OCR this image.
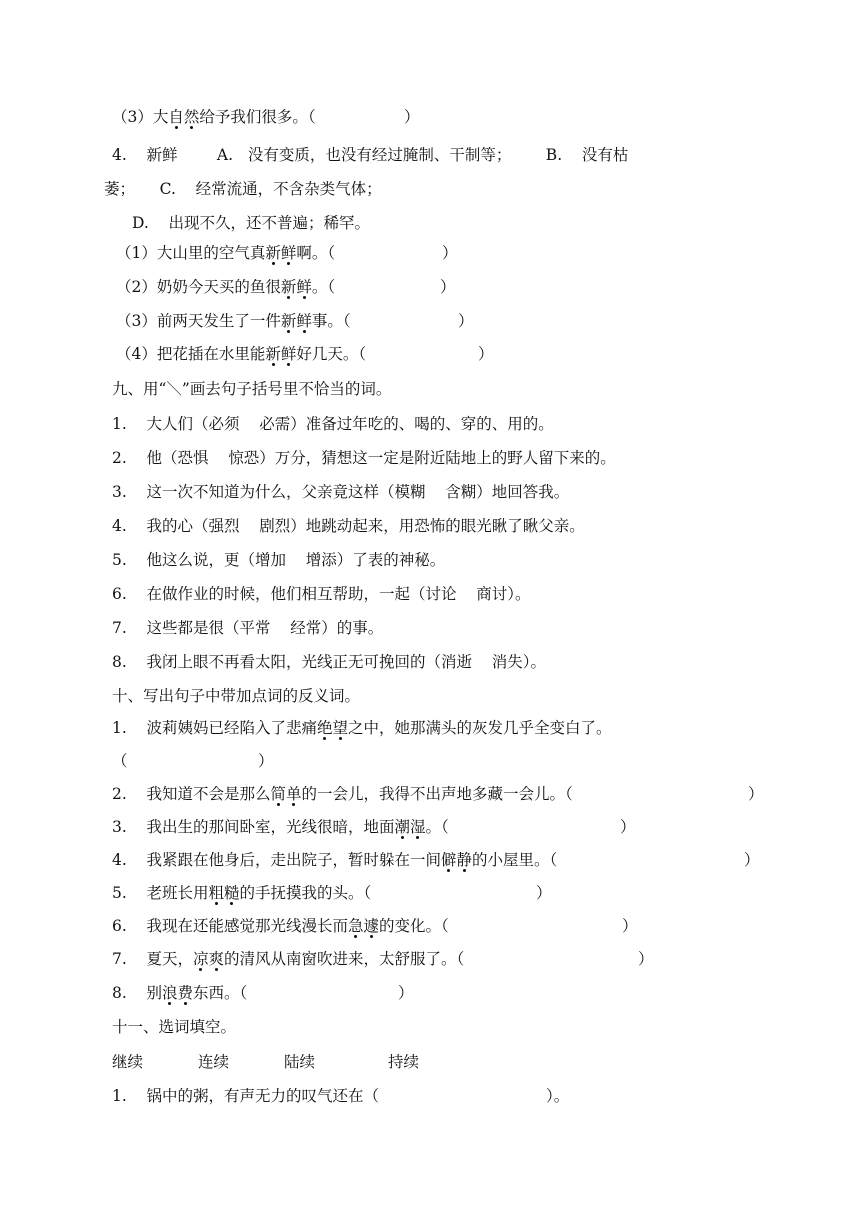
（3）大自然给予我们很多。（	）
4.    新鲜        A.   没有变质，也没有经过腌制、干制等；       B.    没有枯
萎；     C.    经常流通，不含杂类气体；
D.    出现不久，还不普遍；稀罕。
（1）大山里的空气真新鲜啊。（	）
（2）奶奶今天买的鱼很新鲜。（	）
（3）前两天发生了一件新鲜事。（	）
（4）把花插在水里能新鲜好几天。（	）
九、用“＼”画去句子括号里不恰当的词。
1.    大人们（必须    必需）准备过年吃的、喝的、穿的、用的。
2.    他（恐惧    惊恐）万分，猜想这一定是附近陆地上的野人留下来的。
3.    这一次不知道为什么，父亲竟这样（模糊    含糊）地回答我。
4.    我的心（强烈    剧烈）地跳动起来，用恐怖的眼光瞅了瞅父亲。
5.    他这么说，更（增加    增添）了表的神秘。
6.    在做作业的时候，他们相互帮助，一起（讨论    商讨）。
7.    这些都是很（平常    经常）的事。
8.    我闭上眼不再看太阳，光线正无可挽回的（消逝    消失）。
十、写出句子中带加点词的反义词。
1.    波莉姨妈已经陷入了悲痛绝望之中，她那满头的灰发几乎全变白了。
（	）
2.    我知道不会是那么简单的一会儿，我得不出声地多藏一会儿。（	）
3.    我出生的那间卧室，光线很暗，地面潮湿。（	）
4.    我紧跟在他身后，走出院子，暂时躲在一间僻静的小屋里。（	）
5.    老班长用粗糙的手抚摸我的头。（	）
6.    我现在还能感觉那光线漫长而急遽的变化。（	）
7.    夏天，凉爽的清风从南窗吹进来，太舒服了。（	）
8.    别浪费东西。（	）
十一、选词填空。
继续	连续	陆续	持续
1.    锅中的粥，有声无力的叹气还在（	）。
